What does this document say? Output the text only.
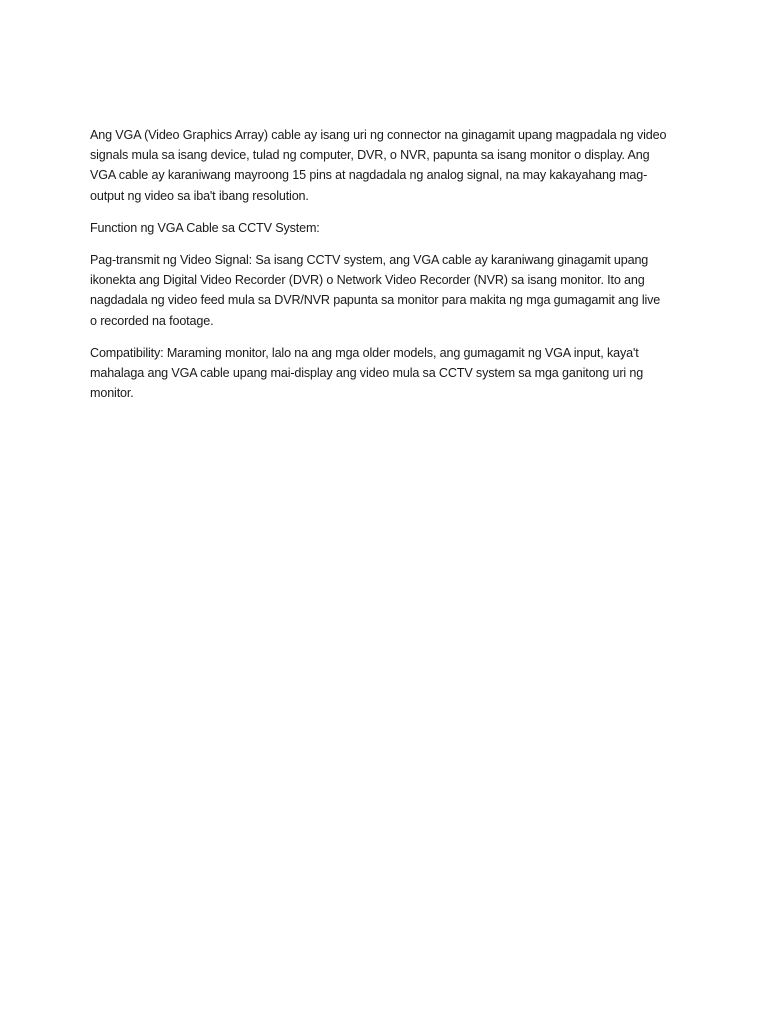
Ang VGA (Video Graphics Array) cable ay isang uri ng connector na ginagamit upang magpadala ng video
signals mula sa isang device, tulad ng computer, DVR, o NVR, papunta sa isang monitor o display. Ang
VGA cable ay karaniwang mayroong 15 pins at nagdadala ng analog signal, na may kakayahang mag-
output ng video sa iba't ibang resolution.

Function ng VGA Cable sa CCTV System:

Pag-transmit ng Video Signal: Sa isang CCTV system, ang VGA cable ay karaniwang ginagamit upang
ikonekta ang Digital Video Recorder (DVR) o Network Video Recorder (NVR) sa isang monitor. Ito ang
nagdadala ng video feed mula sa DVR/NVR papunta sa monitor para makita ng mga gumagamit ang live
o recorded na footage.

Compatibility: Maraming monitor, lalo na ang mga older models, ang gumagamit ng VGA input, kaya't
mahalaga ang VGA cable upang mai-display ang video mula sa CCTV system sa mga ganitong uri ng
monitor.
